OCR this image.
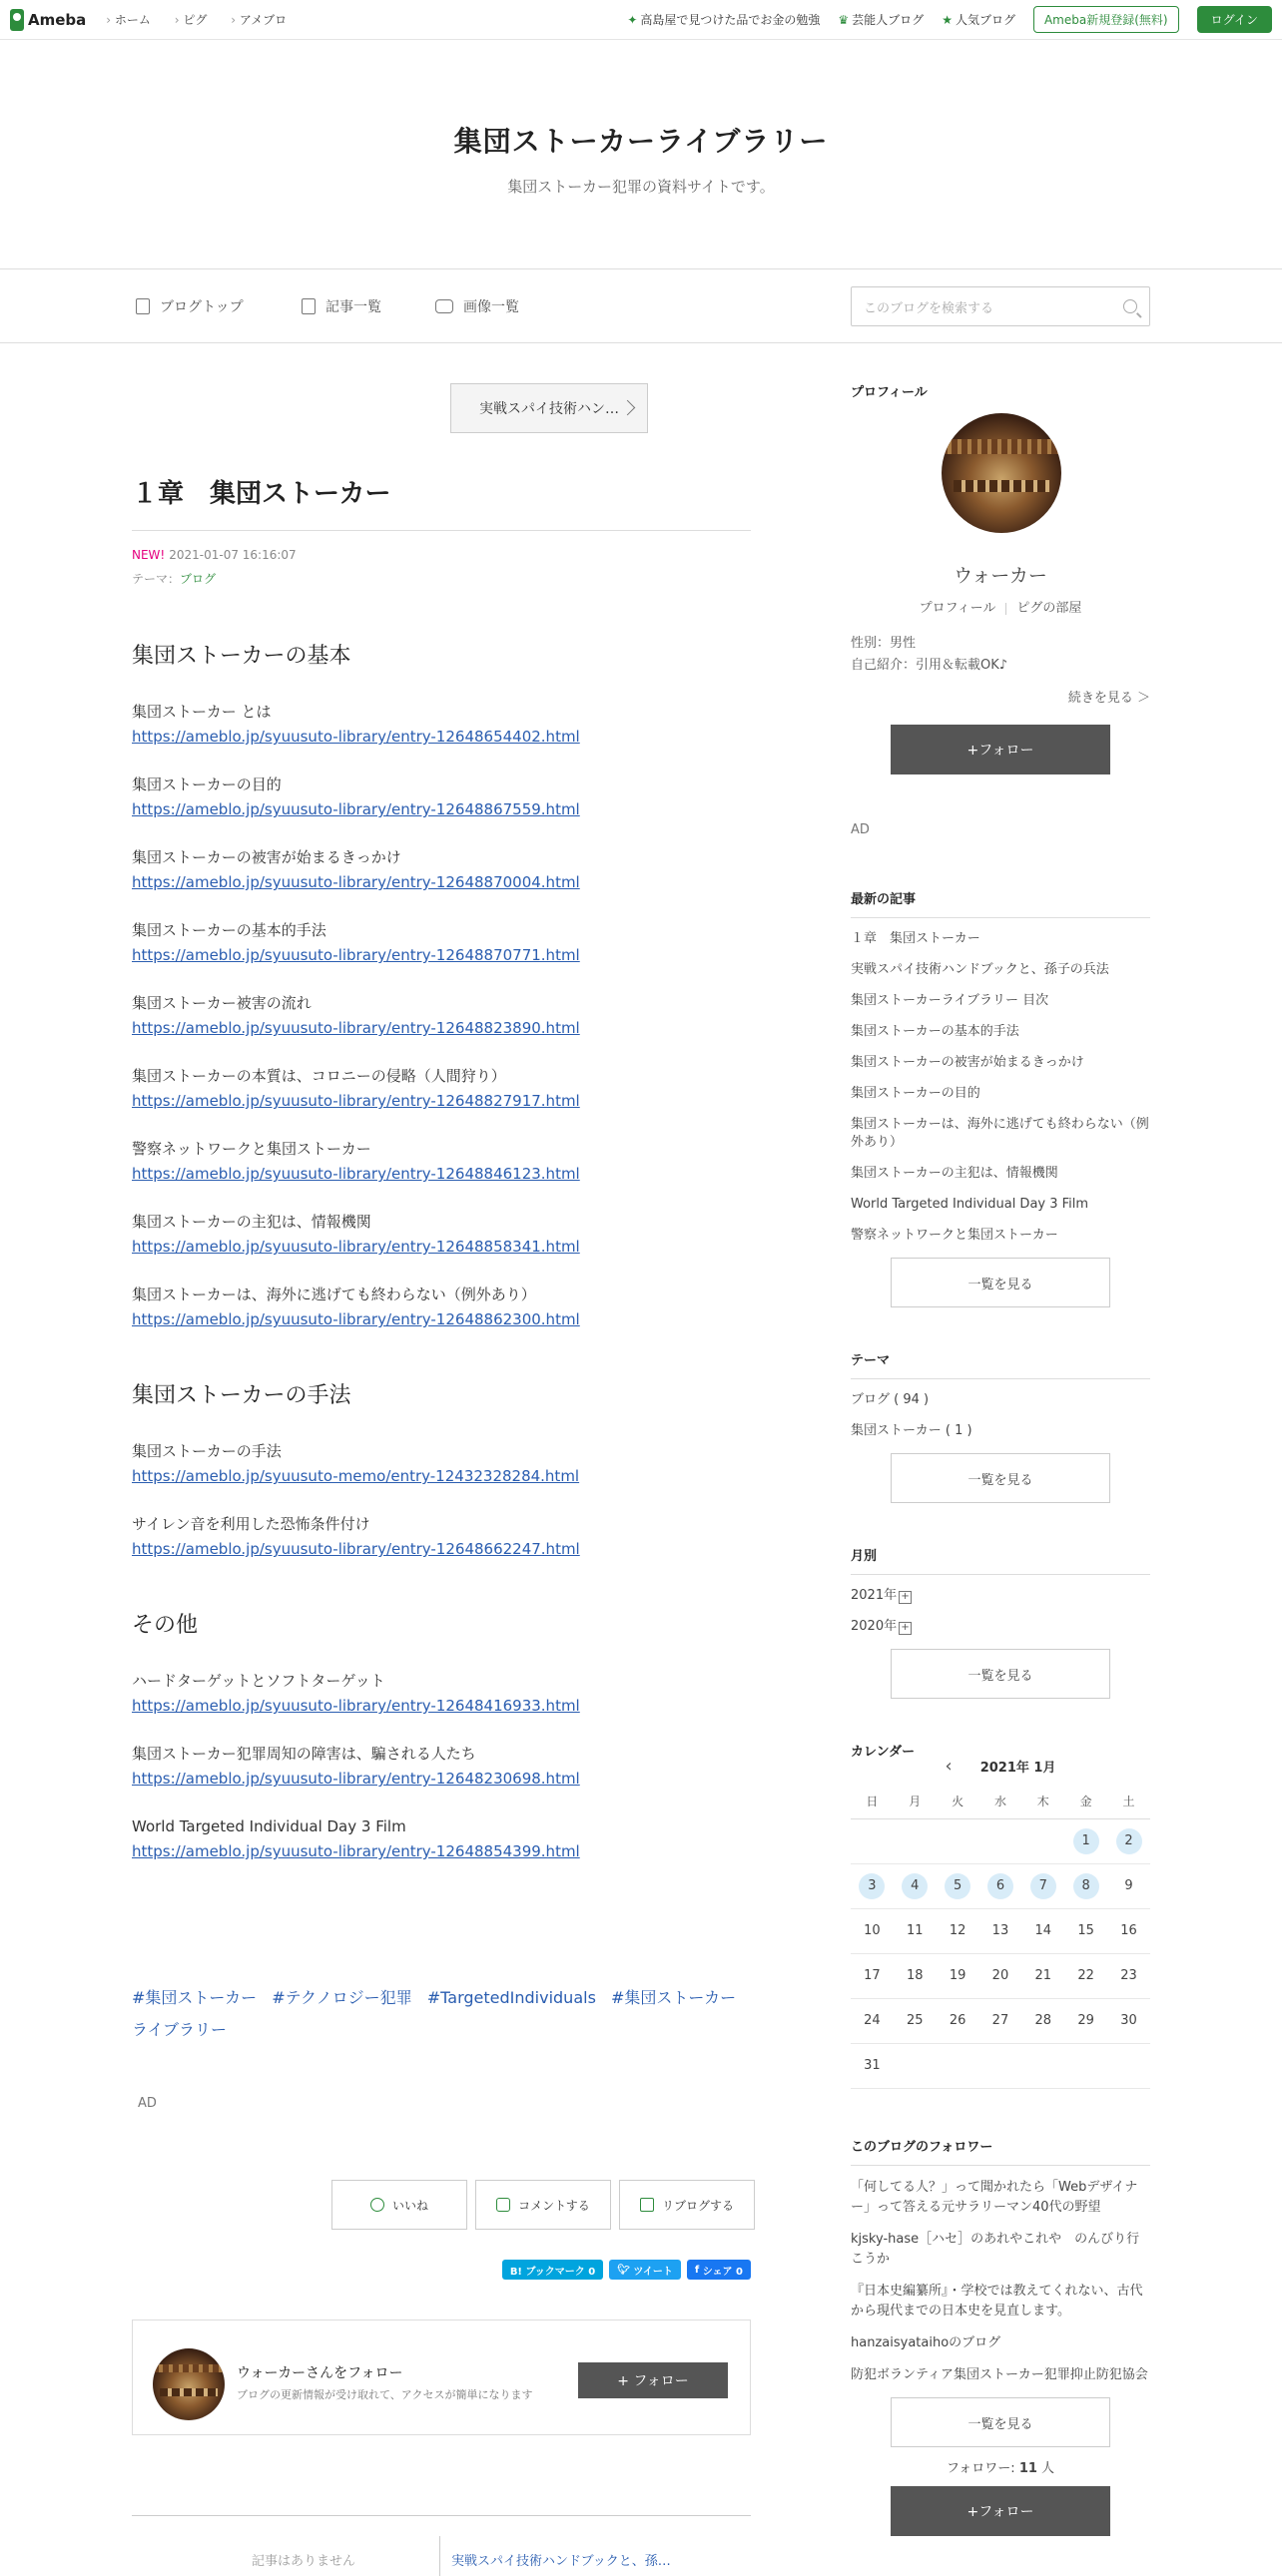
Ameba	› ホーム	› ピグ	› アメブロ	✦ 高島屋で見つけた品でお金の勉強 ♛ 芸能人ブログ ★ 人気ブログ	Ameba新規登録(無料)	ログイン
集団ストーカーライブラリー

集団ストーカー犯罪の資料サイトです。

ブログトップ	記事一覧	画像一覧	このブログを検索する
実戦スパイ技術ハン…
１章　集団ストーカー
NEW! 2021-01-07 16:16:07
テーマ：ブログ
集団ストーカーの基本
集団ストーカー とは
https://ameblo.jp/syuusuto-library/entry-12648654402.html
集団ストーカーの目的
https://ameblo.jp/syuusuto-library/entry-12648867559.html
集団ストーカーの被害が始まるきっかけ
https://ameblo.jp/syuusuto-library/entry-12648870004.html
集団ストーカーの基本的手法
https://ameblo.jp/syuusuto-library/entry-12648870771.html
集団ストーカー被害の流れ
https://ameblo.jp/syuusuto-library/entry-12648823890.html
集団ストーカーの本質は、コロニーの侵略（人間狩り）
https://ameblo.jp/syuusuto-library/entry-12648827917.html
警察ネットワークと集団ストーカー
https://ameblo.jp/syuusuto-library/entry-12648846123.html
集団ストーカーの主犯は、情報機関
https://ameblo.jp/syuusuto-library/entry-12648858341.html
集団ストーカーは、海外に逃げても終わらない（例外あり）
https://ameblo.jp/syuusuto-library/entry-12648862300.html
集団ストーカーの手法
集団ストーカーの手法
https://ameblo.jp/syuusuto-memo/entry-12432328284.html
サイレン音を利用した恐怖条件付け
https://ameblo.jp/syuusuto-library/entry-12648662247.html
その他
ハードターゲットとソフトターゲット
https://ameblo.jp/syuusuto-library/entry-12648416933.html
集団ストーカー犯罪周知の障害は、騙される人たち
https://ameblo.jp/syuusuto-library/entry-12648230698.html
World Targeted Individual Day 3 Film
https://ameblo.jp/syuusuto-library/entry-12648854399.html
#集団ストーカー #テクノロジー犯罪 #TargetedIndividuals #集団ストーカーライブラリー
AD
いいね	コメントする	リブログする
B! ブックマーク 0	🐦︎ ツイート f シェア 0
ウォーカーさんをフォロー
ブログの更新情報が受け取れて、アクセスが簡単になります
+ フォロー
記事はありません	実戦スパイ技術ハンドブックと、孫…
プロフィール
ウォーカー
プロフィール ピグの部屋
性別：男性
自己紹介：引用＆転載OK♪
続きを見る ＞
+フォロー
AD
最新の記事
１章　集団ストーカー
実戦スパイ技術ハンドブックと、孫子の兵法
集団ストーカーライブラリー 目次
集団ストーカーの基本的手法
集団ストーカーの被害が始まるきっかけ
集団ストーカーの目的
集団ストーカーは、海外に逃げても終わらない（例外あり）
集団ストーカーの主犯は、情報機関
World Targeted Individual Day 3 Film
警察ネットワークと集団ストーカー
一覧を見る
テーマ
ブログ ( 94 )
集団ストーカー ( 1 )
一覧を見る
月別
2021年 +
2020年 +
一覧を見る
カレンダー
‹ 2021年 1月
日	月	火	水	木	金	土
					1	2
3	4	5	6	7	8	9
10	11	12	13	14	15	16
17	18	19	20	21	22	23
24	25	26	27	28	29	30
31						
このブログのフォロワー
「何してる人？」って聞かれたら「Webデザイナー」って答える元サラリーマン40代の野望
kjsky-hase［ハセ］のあれやこれや　のんびり行こうか
『日本史編纂所』・学校では教えてくれない、古代から現代までの日本史を見直します。
hanzaisyataihoのブログ
防犯ボランティア集団ストーカー犯罪抑止防犯協会
一覧を見る
フォロワー: 11 人
+フォロー
